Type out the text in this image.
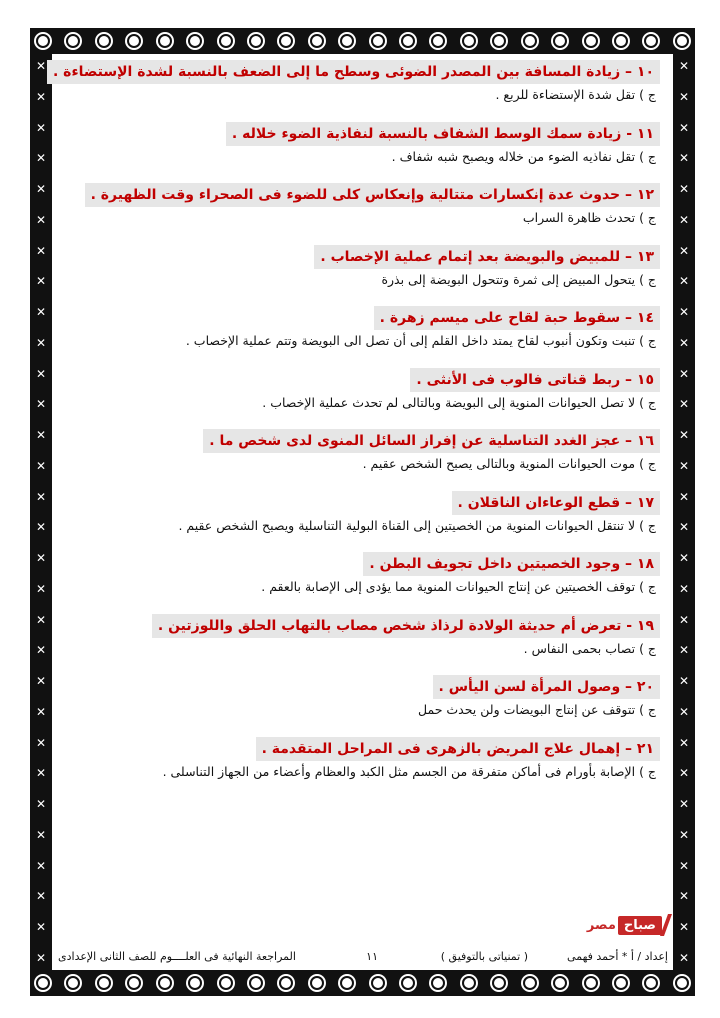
✕
✕
✕
✕
✕
✕
✕
✕
✕
✕
✕
✕
✕
✕
✕
✕
✕
✕
✕
✕
✕
✕
✕
✕
✕
✕
✕
✕
✕
✕
✕
✕
✕
✕
✕
✕
✕
✕
✕
✕
✕
✕
✕
✕
✕
✕
✕
✕
✕
✕
✕
✕
✕
✕
✕
✕
✕
✕
✕
✕
١٠ – زيادة المسافة بين المصدر الضوئى وسطح ما إلى الضعف بالنسبة لشدة الإستضاءة .
ج ) تقل شدة الإستضاءة للربع .
١١ - زيادة سمك الوسط الشفاف بالنسبة لنفاذية الضوء خلاله .
ج ) تقل نفاذيه الضوء من خلاله ويصبح شبه شفاف .
١٢ – حدوث عدة إنكسارات متتالية وإنعكاس كلى للضوء فى الصحراء وقت الظهيرة .
ج ) تحدث ظاهرة السراب
١٣ – للمبيض والبويضة بعد إتمام عملية الإخصاب .
ج ) يتحول المبيض إلى ثمرة وتتحول البويضة إلى بذرة
١٤ – سقوط حبة لقاح على ميسم زهرة .
ج ) تنبت وتكون أنبوب لقاح يمتد داخل القلم إلى أن تصل الى البويضة وتتم عملية الإخصاب .
١٥ – ربط قناتى فالوب فى الأنثى .
ج ) لا تصل الحيوانات المنوية إلى البويضة وبالتالى لم تحدث عملية الإخصاب .
١٦ – عجز الغدد التناسلية عن إفراز السائل المنوى لدى شخص ما .
ج ) موت الحيوانات المنوية وبالتالى يصبح الشخص عقيم .
١٧ – قطع الوعاءان الناقلان .
ج ) لا تنتقل الحيوانات المنوية من الخصيتين إلى القناة البولية التناسلية ويصبح الشخص عقيم .
١٨ – وجود الخصيتين داخل تجويف البطن .
ج ) توقف الخصيتين عن إنتاج الحيوانات المنوية مما يؤدى إلى الإصابة بالعقم .
١٩ - تعرض أم حديثة الولادة لرذاذ شخص مصاب بالتهاب الحلق واللوزتين .
ج ) تصاب بحمى النفاس .
٢٠ – وصول المرأة لسن اليأس .
ج ) تتوقف عن إنتاج البويضات ولن يحدث حمل
٢١ – إهمال علاج المريض بالزهرى فى المراحل المتقدمة .
ج ) الإصابة بأورام فى أماكن متفرقة من الجسم مثل الكبد والعظام وأعضاء من الجهاز التناسلى .
مصر صباح
إعداد / أ * أحمد فهمى
( تمنياتى بالتوفيق )
١١
المراجعة النهائية فى العلــــوم للصف الثانى الإعدادى
